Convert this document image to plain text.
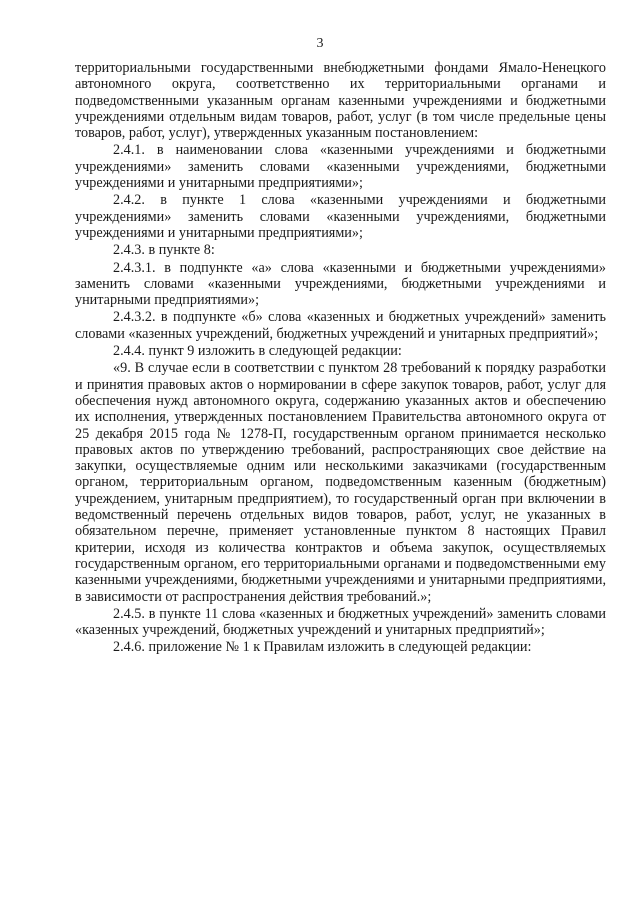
3

территориальными государственными внебюджетными фондами Ямало-Ненецкого автономного округа, соответственно их территориальными органами и подведомственными указанным органам казенными учреждениями и бюджетными учреждениями отдельным видам товаров, работ, услуг (в том числе предельные цены товаров, работ, услуг), утвержденных указанным постановлением:

2.4.1. в наименовании слова «казенными учреждениями и бюджетными учреждениями» заменить словами «казенными учреждениями, бюджетными учреждениями и унитарными предприятиями»;

2.4.2. в пункте 1 слова «казенными учреждениями и бюджетными учреждениями» заменить словами «казенными учреждениями, бюджетными учреждениями и унитарными предприятиями»;

2.4.3. в пункте 8:

2.4.3.1. в подпункте «а» слова «казенными и бюджетными учреждениями» заменить словами «казенными учреждениями, бюджетными учреждениями и унитарными предприятиями»;

2.4.3.2. в подпункте «б» слова «казенных и бюджетных учреждений» заменить словами «казенных учреждений, бюджетных учреждений и унитарных предприятий»;

2.4.4. пункт 9 изложить в следующей редакции:

«9. В случае если в соответствии с пунктом 28 требований к порядку разработки и принятия правовых актов о нормировании в сфере закупок товаров, работ, услуг для обеспечения нужд автономного округа, содержанию указанных актов и обеспечению их исполнения, утвержденных постановлением Правительства автономного округа от 25 декабря 2015 года № 1278-П, государственным органом принимается несколько правовых актов по утверждению требований, распространяющих свое действие на закупки, осуществляемые одним или несколькими заказчиками (государственным органом, территориальным органом, подведомственным казенным (бюджетным) учреждением, унитарным предприятием), то государственный орган при включении в ведомственный перечень отдельных видов товаров, работ, услуг, не указанных в обязательном перечне, применяет установленные пунктом 8 настоящих Правил критерии, исходя из количества контрактов и объема закупок, осуществляемых государственным органом, его территориальными органами и подведомственными ему казенными учреждениями, бюджетными учреждениями и унитарными предприятиями, в зависимости от распространения действия требований.»;

2.4.5. в пункте 11 слова «казенных и бюджетных учреждений» заменить словами «казенных учреждений, бюджетных учреждений и унитарных предприятий»;

2.4.6. приложение № 1 к Правилам изложить в следующей редакции:
